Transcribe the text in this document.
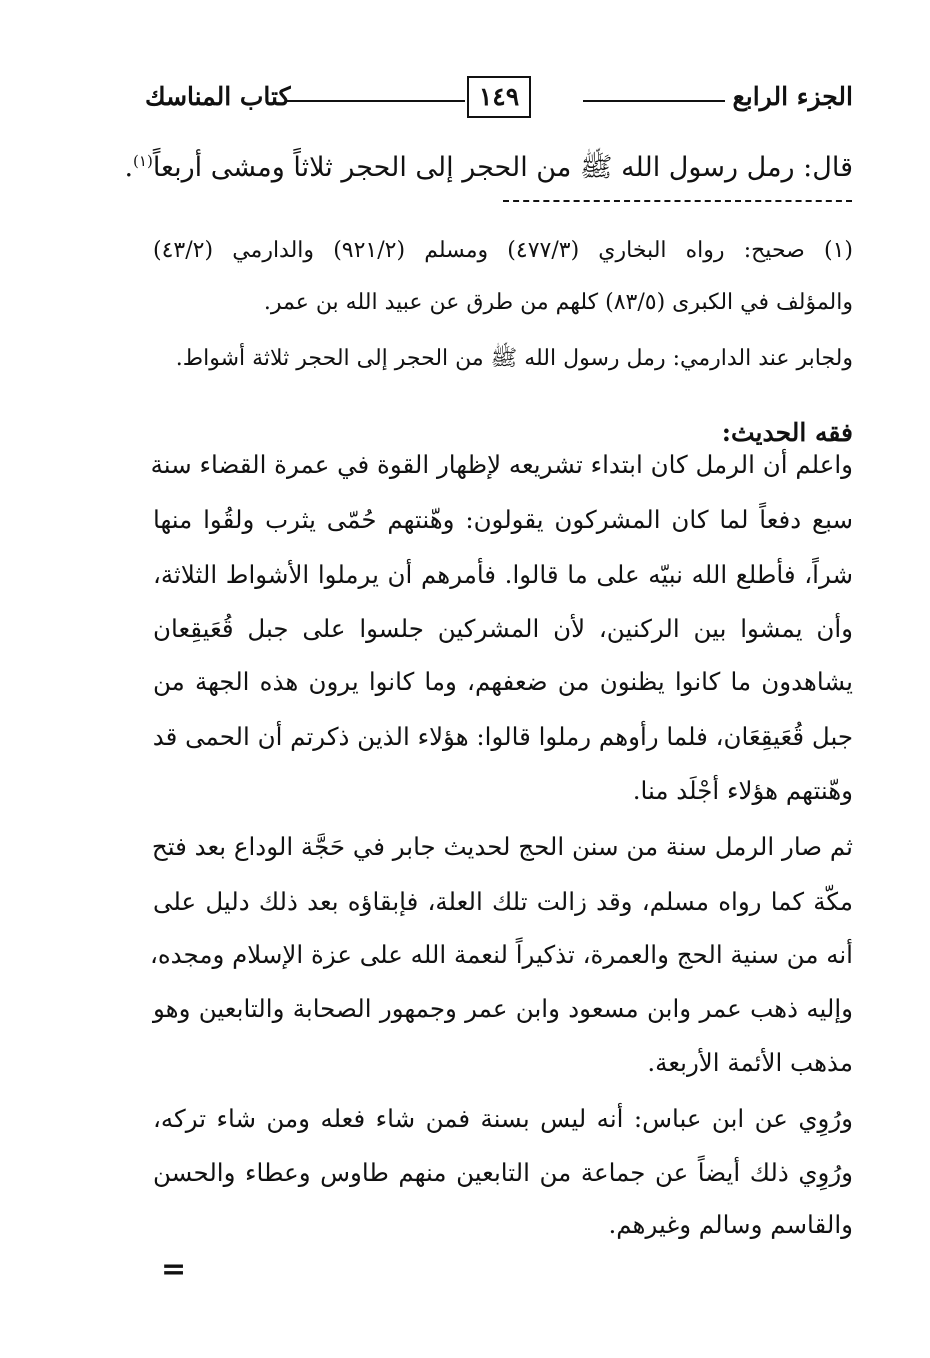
الجزء الرابع
١٤٩
كتاب المناسك
قال: رمل رسول الله ﷺ من الحجر إلى الحجر ثلاثاً ومشى أربعاً$^{(١)}$.
(١) صحيح: رواه البخاري (٤٧٧/٣) ومسلم (٩٢١/٢) والدارمي (٤٣/٢)
والمؤلف في الكبرى (٨٣/٥) كلهم من طرق عن عبيد الله بن عمر.
ولجابر عند الدارمي: رمل رسول الله ﷺ من الحجر إلى الحجر ثلاثة أشواط.
فقه الحديث:
واعلم أن الرمل كان ابتداء تشريعه لإظهار القوة في عمرة القضاء سنة
سبع دفعاً لما كان المشركون يقولون: وهّنتهم حُمّى يثرب ولقُوا منها
شراً، فأطلع الله نبيّه على ما قالوا. فأمرهم أن يرملوا الأشواط الثلاثة،
وأن يمشوا بين الركنين، لأن المشركين جلسوا على جبل قُعَيقِعان
يشاهدون ما كانوا يظنون من ضعفهم، وما كانوا يرون هذه الجهة من
جبل قُعَيقِعَان، فلما رأوهم رملوا قالوا: هؤلاء الذين ذكرتم أن الحمى قد
وهّنتهم هؤلاء أجْلَد منا.
ثم صار الرمل سنة من سنن الحج لحديث جابر في حَجَّة الوداع بعد فتح
مكّة كما رواه مسلم، وقد زالت تلك العلة، فإبقاؤه بعد ذلك دليل على
أنه من سنية الحج والعمرة، تذكيراً لنعمة الله على عزة الإسلام ومجده،
وإليه ذهب عمر وابن مسعود وابن عمر وجمهور الصحابة والتابعين وهو
مذهب الأئمة الأربعة.
ورُوِي عن ابن عباس: أنه ليس بسنة فمن شاء فعله ومن شاء تركه،
ورُوِي ذلك أيضاً عن جماعة من التابعين منهم طاوس وعطاء والحسن
والقاسم وسالم وغيرهم.
=
